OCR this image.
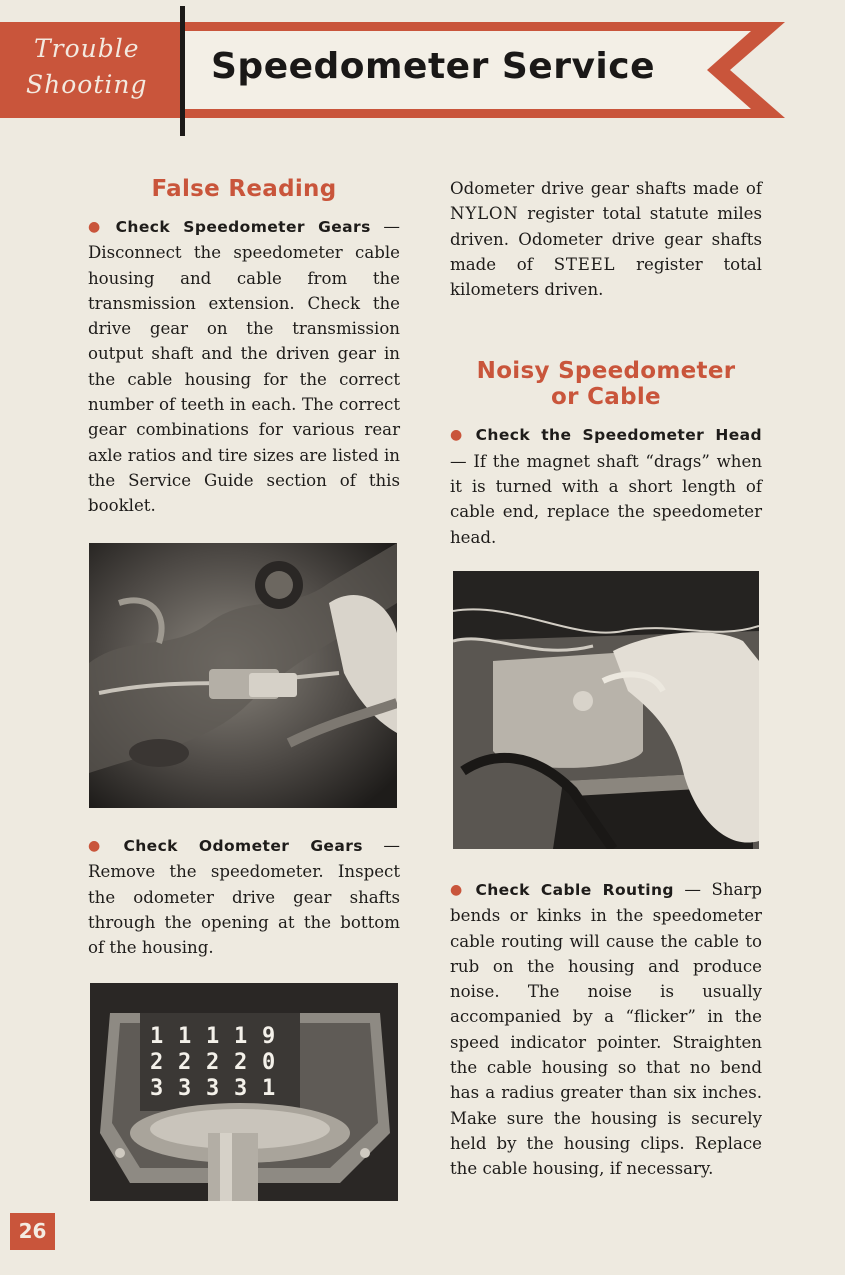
Trouble
Shooting Speedometer Service
False Reading

● Check Speedometer Gears — Disconnect the speedometer cable housing and cable from the transmission extension. Check the drive gear on the transmission output shaft and the driven gear in the cable housing for the correct number of teeth in each. The correct gear combinations for various rear axle ratios and tire sizes are listed in the Service Guide section of this booklet.

● Check Odometer Gears — Remove the speedometer. Inspect the odometer drive gear shafts through the opening at the bottom of the housing.

Odometer drive gear shafts made of NYLON register total statute miles driven. Odometer drive gear shafts made of STEEL register total kilometers driven.

Noisy Speedometer
or Cable

● Check the Speedometer Head — If the magnet shaft “drags” when it is turned with a short length of cable end, replace the speedometer head.

● Check Cable Routing — Sharp bends or kinks in the speedometer cable routing will cause the cable to rub on the housing and produce noise. The noise is usually accompanied by a “flicker” in the speed indicator pointer. Straighten the cable housing so that no bend has a radius greater than six inches. Make sure the housing is securely held by the housing clips. Replace the cable housing, if necessary.

1 1 1 1 9
2 2 2 2 0
3 3 3 3 1
26
